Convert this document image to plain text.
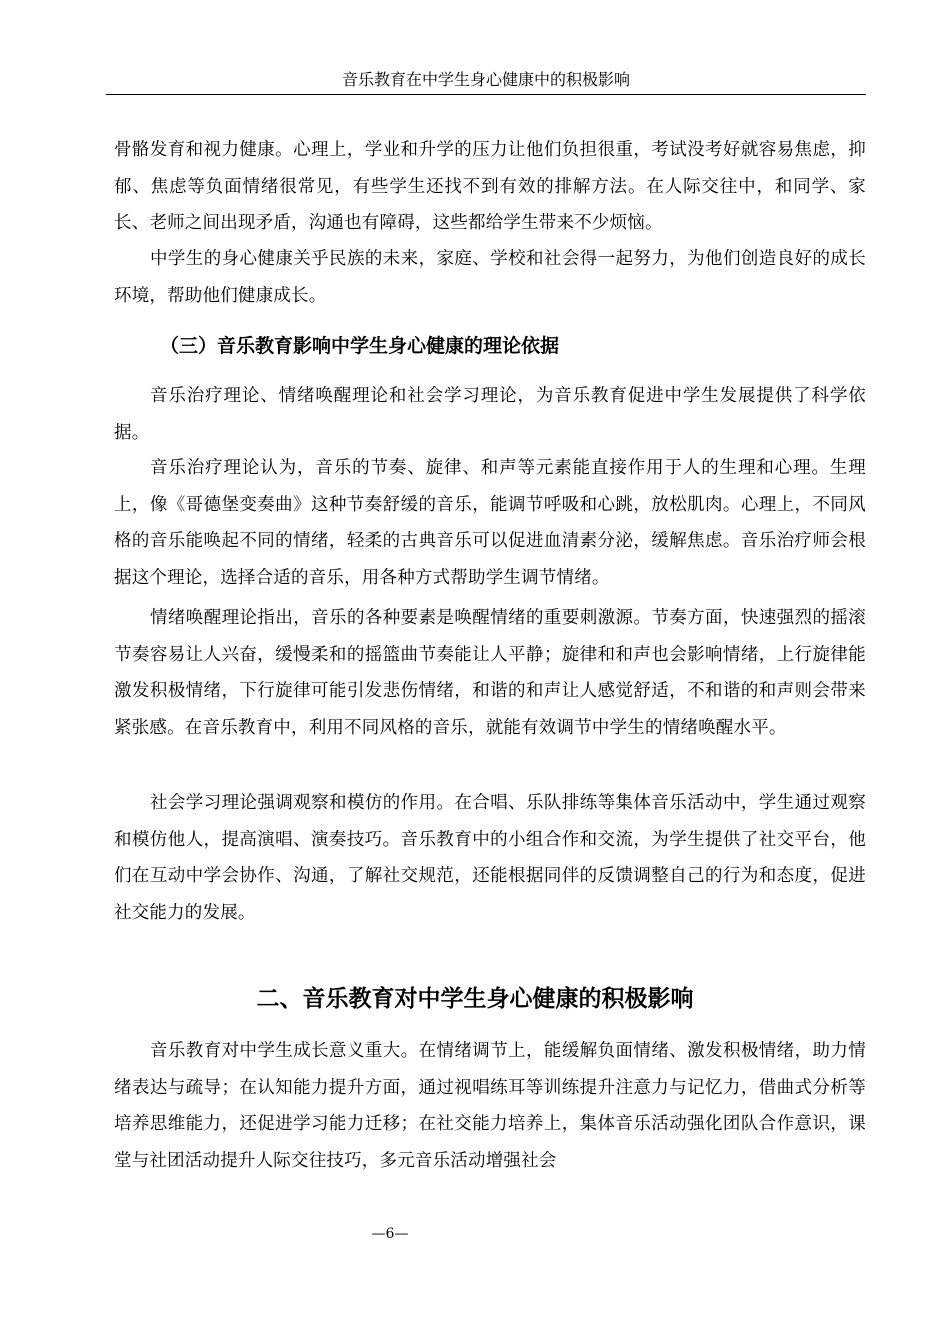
音乐教育在中学生身心健康中的积极影响

骨骼发育和视力健康。心理上，学业和升学的压力让他们负担很重，考试没考好就容易焦虑，抑郁、焦虑等负面情绪很常见，有些学生还找不到有效的排解方法。在人际交往中，和同学、家长、老师之间出现矛盾，沟通也有障碍，这些都给学生带来不少烦恼。

中学生的身心健康关乎民族的未来，家庭、学校和社会得一起努力，为他们创造良好的成长环境，帮助他们健康成长。

（三）音乐教育影响中学生身心健康的理论依据

音乐治疗理论、情绪唤醒理论和社会学习理论，为音乐教育促进中学生发展提供了科学依据。

音乐治疗理论认为，音乐的节奏、旋律、和声等元素能直接作用于人的生理和心理。生理上，像《哥德堡变奏曲》这种节奏舒缓的音乐，能调节呼吸和心跳，放松肌肉。心理上，不同风格的音乐能唤起不同的情绪，轻柔的古典音乐可以促进血清素分泌，缓解焦虑。音乐治疗师会根据这个理论，选择合适的音乐，用各种方式帮助学生调节情绪。

情绪唤醒理论指出，音乐的各种要素是唤醒情绪的重要刺激源。节奏方面，快速强烈的摇滚节奏容易让人兴奋，缓慢柔和的摇篮曲节奏能让人平静；旋律和和声也会影响情绪，上行旋律能激发积极情绪，下行旋律可能引发悲伤情绪，和谐的和声让人感觉舒适，不和谐的和声则会带来紧张感。在音乐教育中，利用不同风格的音乐，就能有效调节中学生的情绪唤醒水平。

社会学习理论强调观察和模仿的作用。在合唱、乐队排练等集体音乐活动中，学生通过观察和模仿他人，提高演唱、演奏技巧。音乐教育中的小组合作和交流，为学生提供了社交平台，他们在互动中学会协作、沟通，了解社交规范，还能根据同伴的反馈调整自己的行为和态度，促进社交能力的发展。

二、音乐教育对中学生身心健康的积极影响

音乐教育对中学生成长意义重大。在情绪调节上，能缓解负面情绪、激发积极情绪，助力情绪表达与疏导；在认知能力提升方面，通过视唱练耳等训练提升注意力与记忆力，借曲式分析等培养思维能力，还促进学习能力迁移；在社交能力培养上，集体音乐活动强化团队合作意识，课堂与社团活动提升人际交往技巧，多元音乐活动增强社会

—6—
